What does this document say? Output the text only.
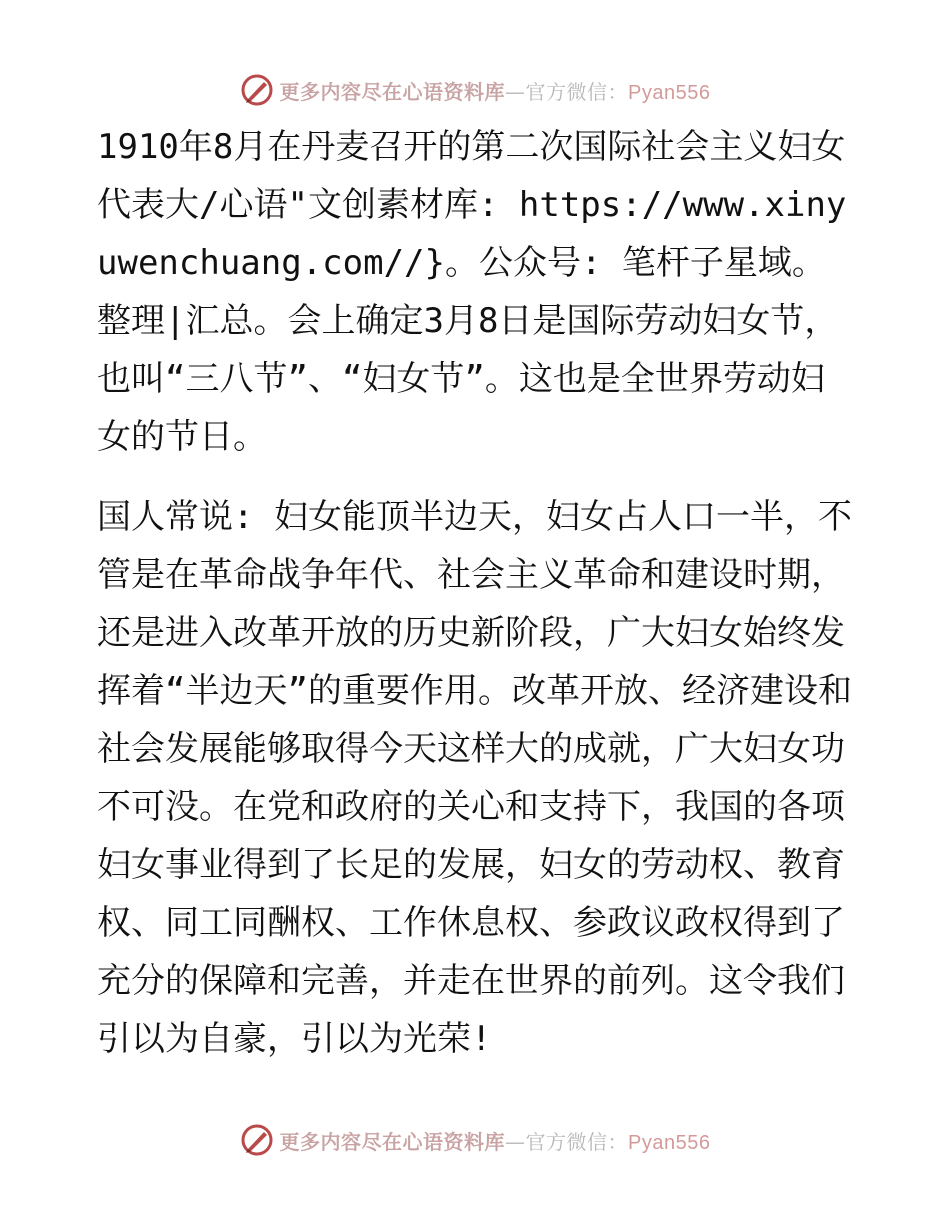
更多内容尽在心语资料库—官方微信：Pyan556

1910年8月在丹麦召开的第二次国际社会主义妇女代表大/心语"文创素材库: https://www.xinyuwenchuang.com//}。公众号: 笔杆子星域。整理|汇总。会上确定3月8日是国际劳动妇女节，也叫“三八节”、“妇女节”。这也是全世界劳动妇女的节日。

国人常说: 妇女能顶半边天，妇女占人口一半，不管是在革命战争年代、社会主义革命和建设时期，还是进入改革开放的历史新阶段，广大妇女始终发挥着“半边天”的重要作用。改革开放、经济建设和社会发展能够取得今天这样大的成就，广大妇女功不可没。在党和政府的关心和支持下，我国的各项妇女事业得到了长足的发展，妇女的劳动权、教育权、同工同酬权、工作休息权、参政议政权得到了充分的保障和完善，并走在世界的前列。这令我们引以为自豪，引以为光荣!

更多内容尽在心语资料库—官方微信：Pyan556
